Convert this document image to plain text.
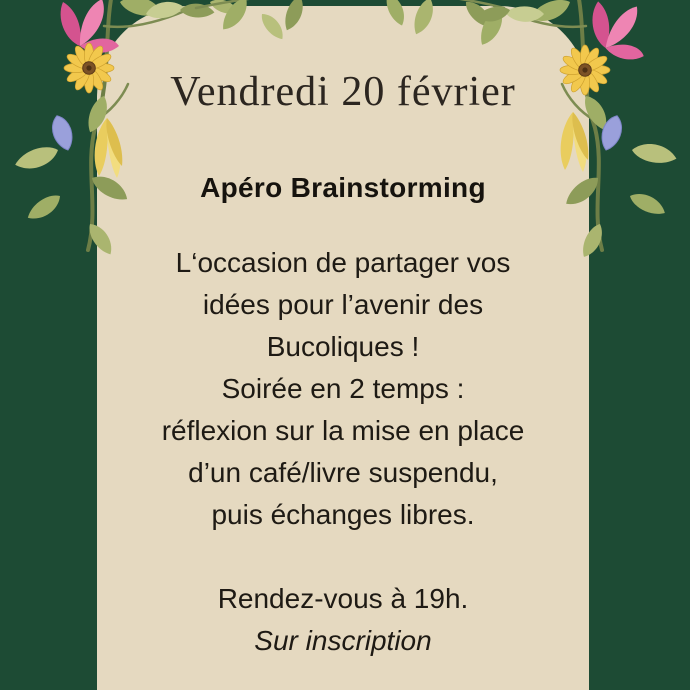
Vendredi 20 février
Apéro Brainstorming

L‘occasion de partager vos
idées pour l’avenir des
Bucoliques !
Soirée en 2 temps :
réflexion sur la mise en place
d’un café/livre suspendu,
puis échanges libres.

Rendez-vous à 19h.
Sur inscription
